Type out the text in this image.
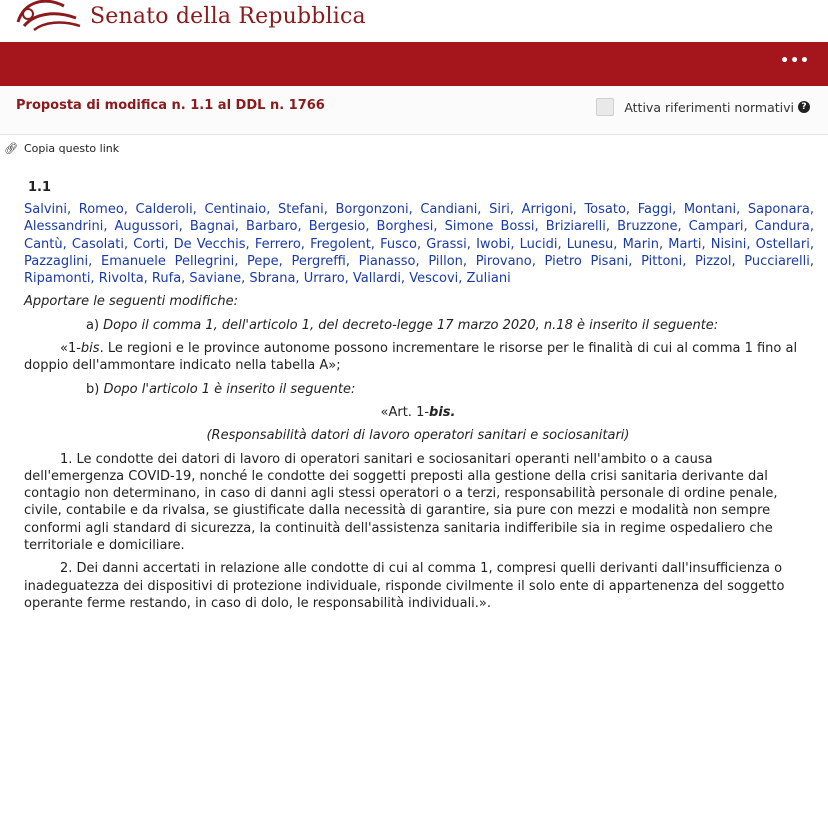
Senato della Repubblica
•••
Proposta di modifica n. 1.1 al DDL n. 1766	Attiva riferimenti normativi ?
🔗︎ Copia questo link
1.1
Salvini, Romeo, Calderoli, Centinaio, Stefani, Borgonzoni, Candiani, Siri, Arrigoni, Tosato, Faggi, Montani, Saponara, Alessandrini, Augussori, Bagnai, Barbaro, Bergesio, Borghesi, Simone Bossi, Briziarelli, Bruzzone, Campari, Candura, Cantù, Casolati, Corti, De Vecchis, Ferrero, Fregolent, Fusco, Grassi, Iwobi, Lucidi, Lunesu, Marin, Marti, Nisini, Ostellari, Pazzaglini, Emanuele Pellegrini, Pepe, Pergreffi, Pianasso, Pillon, Pirovano, Pietro Pisani, Pittoni, Pizzol, Pucciarelli, Ripamonti, Rivolta, Rufa, Saviane, Sbrana, Urraro, Vallardi, Vescovi, Zuliani

Apportare le seguenti modifiche:

a) Dopo il comma 1, dell'articolo 1, del decreto-legge 17 marzo 2020, n.18 è inserito il seguente:

«1-bis. Le regioni e le province autonome possono incrementare le risorse per le finalità di cui al comma 1 fino al doppio dell'ammontare indicato nella tabella A»;

b) Dopo l'articolo 1 è inserito il seguente:

«Art. 1-bis.

(Responsabilità datori di lavoro operatori sanitari e sociosanitari)

1. Le condotte dei datori di lavoro di operatori sanitari e sociosanitari operanti nell'ambito o a causa dell'emergenza COVID-19, nonché le condotte dei soggetti preposti alla gestione della crisi sanitaria derivante dal contagio non determinano, in caso di danni agli stessi operatori o a terzi, responsabilità personale di ordine penale, civile, contabile e da rivalsa, se giustificate dalla necessità di garantire, sia pure con mezzi e modalità non sempre conformi agli standard di sicurezza, la continuità dell'assistenza sanitaria indifferibile sia in regime ospedaliero che territoriale e domiciliare.

2. Dei danni accertati in relazione alle condotte di cui al comma 1, compresi quelli derivanti dall'insufficienza o inadeguatezza dei dispositivi di protezione individuale, risponde civilmente il solo ente di appartenenza del soggetto operante ferme restando, in caso di dolo, le responsabilità individuali.».
